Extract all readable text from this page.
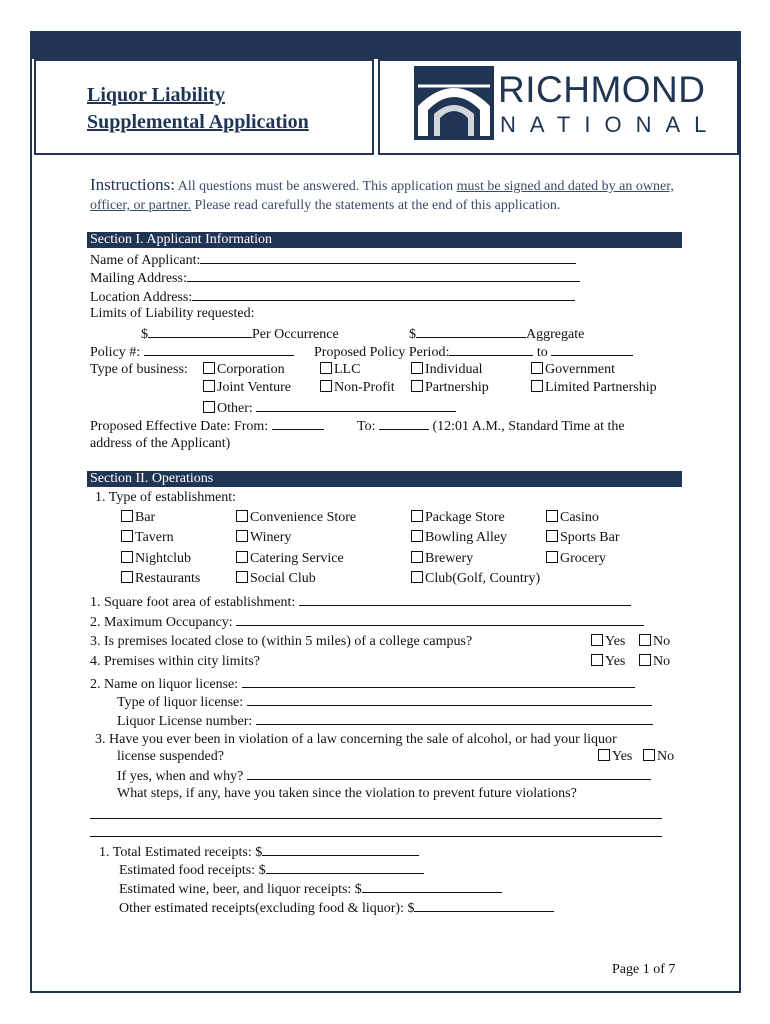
Liquor Liability
Supplemental Application
RICHMOND
NATIONAL
Instructions: All questions must be answered. This application must be signed and dated by an owner, officer, or partner. Please read carefully the statements at the end of this application.
Section I. Applicant Information
Name of Applicant:
Mailing Address:
Location Address:
Limits of Liability requested:
$	Per Occurrence	$	Aggregate
Policy #:	Proposed Policy Period:	to
Type of business:	Corporation	LLC	Individual	Government
Joint Venture	Non-Profit	Partnership	Limited Partnership
Other:
Proposed Effective Date: From:	To:	(12:01 A.M., Standard Time at the
address of the Applicant)
Section II. Operations
1. Type of establishment:
Bar	Convenience Store	Package Store	Casino
Tavern	Winery	Bowling Alley	Sports Bar
Nightclub	Catering Service	Brewery	Grocery
Restaurants	Social Club	Club(Golf, Country)
1. Square foot area of establishment:
2. Maximum Occupancy:
3. Is premises located close to (within 5 miles) of a college campus?	Yes	No
4. Premises within city limits?	Yes	No
2. Name on liquor license:
Type of liquor license:
Liquor License number:
3. Have you ever been in violation of a law concerning the sale of alcohol, or had your liquor
license suspended?	Yes	No
If yes, when and why?
What steps, if any, have you taken since the violation to prevent future violations?
1. Total Estimated receipts: $
Estimated food receipts: $
Estimated wine, beer, and liquor receipts: $
Other estimated receipts(excluding food & liquor): $
Page 1 of 7
